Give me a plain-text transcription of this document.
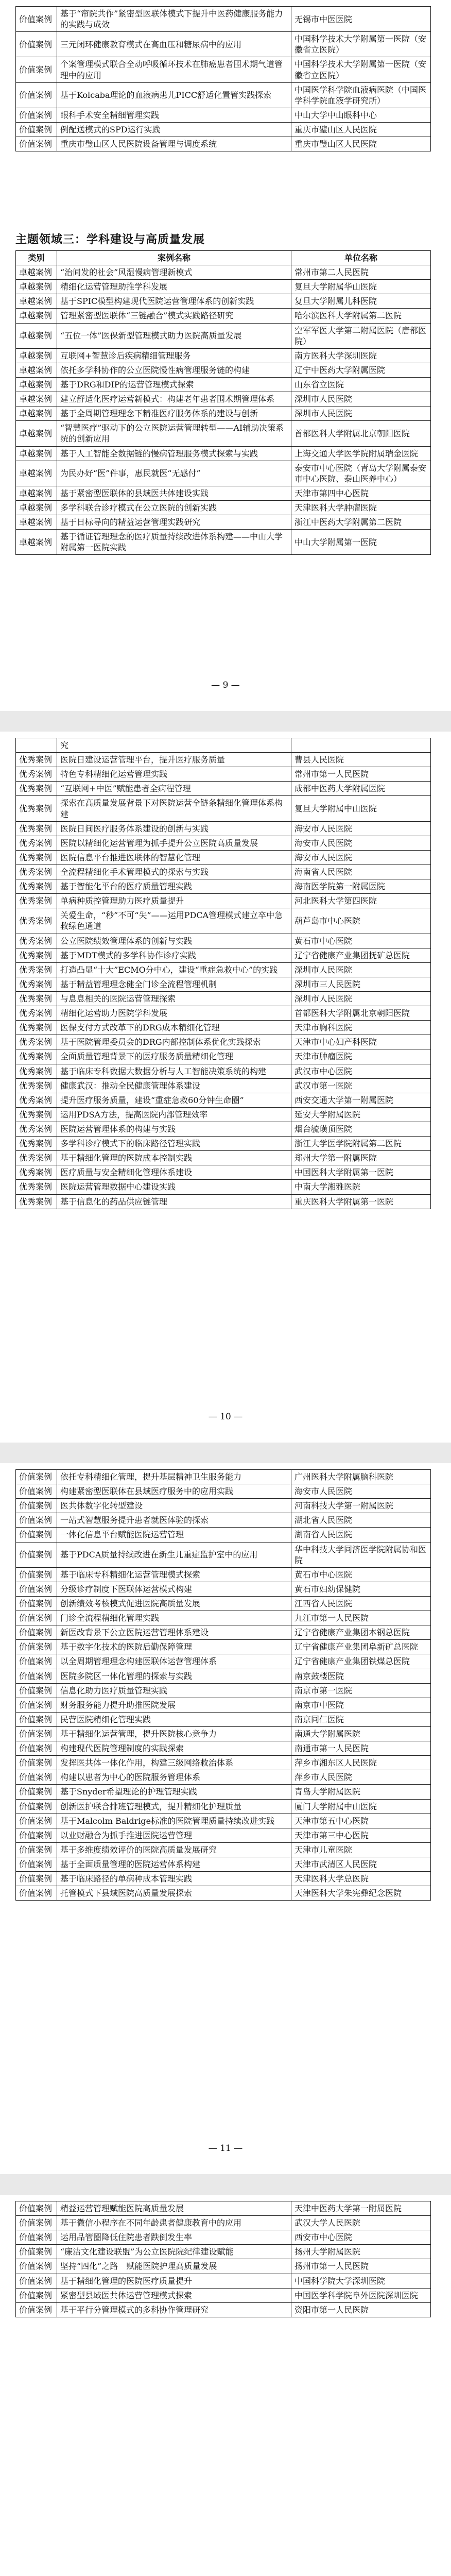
价值案例	基于“帘院共作”紧密型医联体模式下提升中医药健康服务能力的实践与成效	无锡市中医医院
价值案例	三元闭环健康教育模式在高血压和糖尿病中的应用	中国科学技术大学附属第一医院（安徽省立医院）
价值案例	个案管理模式联合全动呼吸循环技术在肺癌患者围术期气道管理中的应用	中国科学技术大学附属第一医院（安徽省立医院）
价值案例	基于Kolcaba理论的血液病患儿PICC舒适化置管实践探索	中国医学科学院血液病医院（中国医学科学院血液学研究所）
价值案例	眼科手术安全精细管理实践	中山大学中山眼科中心
价值案例	例配送模式的SPD运行实践	重庆市璧山区人民医院
价值案例	重庆市璧山区人民医院设备管理与调度系统	重庆市璧山区人民医院
主题领域三：学科建设与高质量发展
类别	案例名称	单位名称
卓越案例	“治间发的社会”风湿慢病管理新模式	常州市第二人民医院
卓越案例	精细化运营管理助推学科发展	复旦大学附属华山医院
卓越案例	基于SPIC模型构建现代医院运营管理体系的创新实践	复旦大学附属儿科医院
卓越案例	管理紧密型医联体“三链融合”模式实践路径研究	哈尔滨医科大学附属第二医院
卓越案例	“五位一体”医保新型管理模式助力医院高质量发展	空军军医大学第二附属医院（唐都医院）
卓越案例	互联网+智慧诊后疾病精细管理服务	南方医科大学深圳医院
卓越案例	依托多学科协作的公立医院慢性病管理服务链的构建	辽宁中医药大学附属医院
卓越案例	基于DRG和DIP的运营管理模式探索	山东省立医院
卓越案例	建立舒适化医疗运营新模式：构建老年患者围术期管理体系	深圳市人民医院
卓越案例	基于全周期管理理念下精准医疗服务体系的建设与创新	深圳市人民医院
卓越案例	“智慧医疗”驱动下的公立医院运营管理转型——AI辅助决策系统的创新应用	首都医科大学附属北京朝阳医院
卓越案例	基于人工智能全数据链的慢病管理服务模式探索与实践	上海交通大学医学院附属瑞金医院
卓越案例	为民办好“医”件事，惠民就医“无感付”	泰安市中心医院（青岛大学附属泰安市中心医院、泰山医养中心）
卓越案例	基于紧密型医联体的县域医共体建设实践	天津市第四中心医院
卓越案例	多学科联合诊疗模式在公立医院的创新实践	天津医科大学肿瘤医院
卓越案例	基于日标导向的精益运营管理实践研究	浙江中医药大学附属第二医院
卓越案例	基于循证管理理念的医疗质量持续改进体系构建——中山大学附属第一医院实践	中山大学附属第一医院
— 9 —
	究	
优秀案例	医院日建设运营管理平台，提升医疗服务质量	曹县人民医院
优秀案例	特色专科精细化运营管理实践	常州市第一人民医院
优秀案例	“互联网+中医”赋能患者全病程管理	成都中医药大学附属医院
优秀案例	探索在高质量发展背景下对医院运营全链条精细化管理体系构建	复旦大学附属中山医院
优秀案例	医院日间医疗服务体系建设的创新与实践	海安市人民医院
优秀案例	医院以精细化运营管理为抓手提升公立医院高质量发展	海安市人民医院
优秀案例	医院信息平台推进医联体的智慧化管理	海安市人民医院
优秀案例	全流程精细化手术管理模式的探索与实践	海南省人民医院
优秀案例	基于智能化平台的医疗质量管理实践	海南医学院第一附属医院
优秀案例	单病种质控管理助力医疗质量提升	河北医科大学第四医院
优秀案例	关爱生命，“秒”不可“失”——运用PDCA管理模式建立卒中急救绿色通道	葫芦岛市中心医院
优秀案例	公立医院绩效管理体系的创新与实践	黄石市中心医院
优秀案例	基于MDT模式的多学科协作诊疗实践	辽宁省健康产业集团抚矿总医院
优秀案例	打造凸显“十大”ECMO分中心，建设“重症急救中心”的实践	深圳市人民医院
优秀案例	基于精益管理理念健全门诊全流程管理机制	深圳市三人民医院
优秀案例	与息息相关的医院运营管理探索	深圳市人民医院
优秀案例	精细化运营助力医院学科发展	首都医科大学附属北京朝阳医院
优秀案例	医保支付方式改革下的DRG成本精细化管理	天津市胸科医院
优秀案例	基于医院管理委员会的DRG内部控制体系优化实践探索	天津市中心妇产科医院
优秀案例	全面质量管理背景下的医疗服务质量精细化管理	天津市肿瘤医院
优秀案例	基于临床专科数据大数据分析与人工智能决策系统的构建	武汉市中心医院
优秀案例	健康武汉：推动全民健康管理体系建设	武汉市第一医院
优秀案例	提升医疗服务质量，建设“重症急救60分钟生命圈”	西安交通大学第一附属医院
优秀案例	运用PDSA方法，提高医院内部管理效率	延安大学附属医院
优秀案例	医院运营管理体系的构建与实践	烟台毓璜顶医院
优秀案例	多学科诊疗模式下的临床路径管理实践	浙江大学医学院附属第二医院
优秀案例	基于精细化管理的医院成本控制实践	郑州大学第一附属医院
优秀案例	医疗质量与安全精细化管理体系建设	中国医科大学附属第一医院
优秀案例	医院运营管理数据中心建设实践	中南大学湘雅医院
优秀案例	基于信息化的药品供应链管理	重庆医科大学附属第一医院
— 10 —
价值案例	依托专科精细化管理，提升基层精神卫生服务能力	广州医科大学附属脑科医院
价值案例	构建紧密型医联体在县域医疗服务中的应用实践	海安市人民医院
价值案例	医共体数字化转型建设	河南科技大学第一附属医院
价值案例	一站式智慧服务提升患者就医体验的探索	湖北省人民医院
价值案例	一体化信息平台赋能医院运营管理	湖南省人民医院
价值案例	基于PDCA质量持续改进在新生儿重症监护室中的应用	华中科技大学同济医学院附属协和医院
价值案例	基于临床专科精细化运营管理模式探索	黄石市中心医院
价值案例	分级诊疗制度下医联体运营模式构建	黄石市妇幼保健院
价值案例	创新绩效考核模式促进医院高质量发展	江西省人民医院
价值案例	门诊全流程精细化管理实践	九江市第一人民医院
价值案例	新医改背景下公立医院运营管理体系建设	辽宁省健康产业集团本钢总医院
价值案例	基于数字化技术的医院后勤保障管理	辽宁省健康产业集团阜新矿总医院
价值案例	以全周期管理理念构建医联体运营管理体系	辽宁省健康产业集团铁煤总医院
价值案例	医院多院区一体化管理的探索与实践	南京鼓楼医院
价值案例	信息化助力医疗质量管理实践	南京市第一医院
价值案例	财务服务能力提升助推医院发展	南京市中医院
价值案例	民营医院精细化管理实践	南京同仁医院
价值案例	基于精细化运营管理，提升医院核心竞争力	南通大学附属医院
价值案例	构建现代医院管理制度的实践探索	南通市第一人民医院
价值案例	发挥医共体一体化作用，构建三级网络救治体系	萍乡市湘东区人民医院
价值案例	构建以患者为中心的医院服务管理体系	萍乡市人民医院
价值案例	基于Snyder希望理论的护理管理实践	青岛大学附属医院
价值案例	创新医护联合排班管理模式，提升精细化护理质量	厦门大学附属中山医院
价值案例	基于Malcolm Baldrige标准的医院管理质量持续改进实践	天津市第五中心医院
价值案例	以业财融合为抓手推进医院运营管理	天津市第三中心医院
价值案例	基于多维度绩效评价的医院高质量发展研究	天津市儿童医院
价值案例	基于全面质量管理的医院运营体系构建	天津市武清区人民医院
价值案例	基于临床路径的单病种成本管理实践	天津医科大学总医院
价值案例	托管模式下县域医院高质量发展探索	天津医科大学朱宪彝纪念医院
— 11 —
价值案例	精益运营管理赋能医院高质量发展	天津中医药大学第一附属医院
价值案例	基于微信小程序在不同年龄患者健康教育中的应用	武汉大学人民医院
价值案例	运用品管圈降低住院患者跌倒发生率	西安市中心医院
价值案例	“廉洁文化建设联盟”为公立医院院纪律建设赋能	扬州大学附属医院
价值案例	坚持“四化”之路　赋能医院护理高质量发展	扬州市第一人民医院
价值案例	基于精细化管理的医院医疗质量提升	中国科学院大学深圳医院
价值案例	紧密型县域医共体运营管理模式探索	中国医学科学院阜外医院深圳医院
价值案例	基于平行分管理模式的多科协作管理研究	资阳市第一人民医院
